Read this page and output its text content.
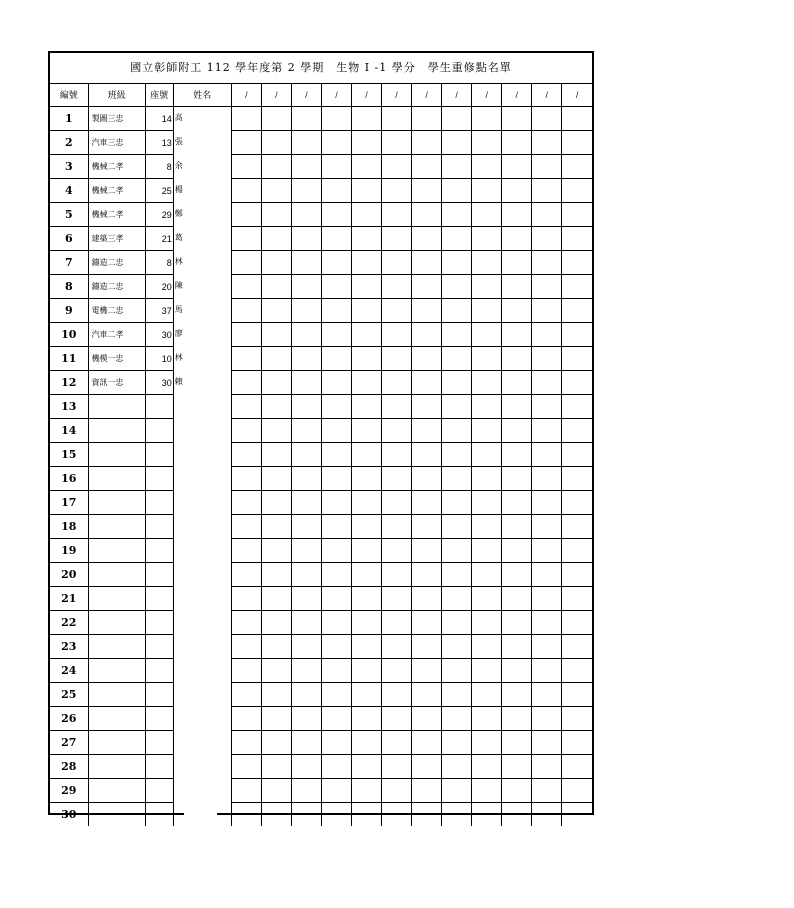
國立彰師附工 112 學年度第 2 學期　生物 I -1 學分　學生重修點名單
編號	班級	座號	姓名	/	/	/	/	/	/	/	/	/	/	/	/
1	製圖三忠	14	高												

2	汽車三忠	13	張												

3	機械二孝	8	余												

4	機械二孝	25	楊												

5	機械二孝	29	鄭												

6	建築三孝	21	葛												

7	鑄造二忠	8	林												

8	鑄造二忠	20	陳												

9	電機二忠	37	馬												

10	汽車二孝	30	廖												

11	機模一忠	10	林												

12	資訊一忠	30	賴												

13			

14			

15			

16			

17			

18			

19			

20			

21			

22			

23			

24			

25			

26			

27			

28			

29			

30			
